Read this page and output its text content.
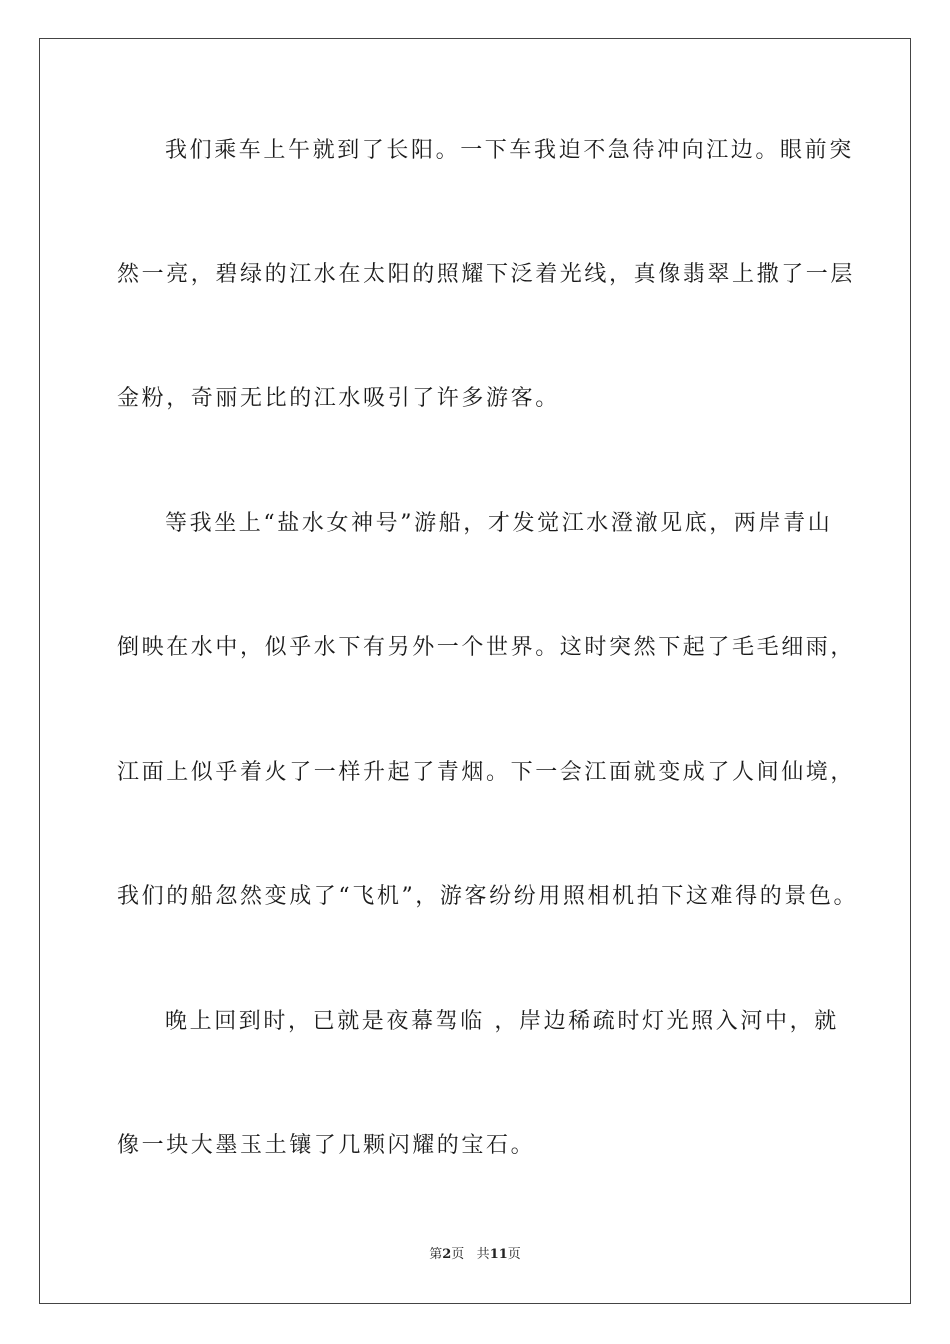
我们乘车上午就到了长阳。一下车我迫不急待冲向江边。眼前突
然一亮，碧绿的江水在太阳的照耀下泛着光线，真像翡翠上撒了一层
金粉，奇丽无比的江水吸引了许多游客。
等我坐上“盐水女神号”游船，才发觉江水澄澈见底，两岸青山
倒映在水中，似乎水下有另外一个世界。这时突然下起了毛毛细雨，
江面上似乎着火了一样升起了青烟。下一会江面就变成了人间仙境，
我们的船忽然变成了“飞机”，游客纷纷用照相机拍下这难得的景色。
晚上回到时，已就是夜幕驾临 ，岸边稀疏时灯光照入河中，就
像一块大墨玉土镶了几颗闪耀的宝石。
第2页 共11页
